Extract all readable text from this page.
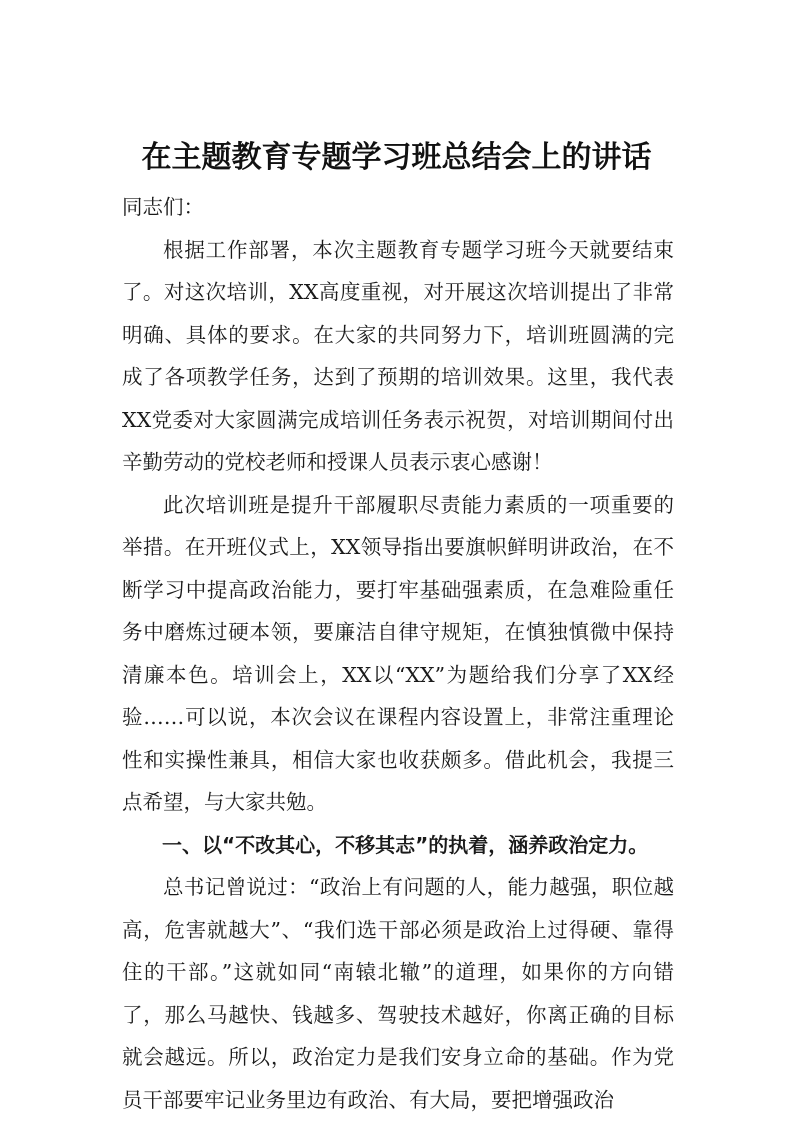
在主题教育专题学习班总结会上的讲话

同志们：

根据工作部署，本次主题教育专题学习班今天就要结束了。对这次培训，XX高度重视，对开展这次培训提出了非常明确、具体的要求。在大家的共同努力下，培训班圆满的完成了各项教学任务，达到了预期的培训效果。这里，我代表XX党委对大家圆满完成培训任务表示祝贺，对培训期间付出辛勤劳动的党校老师和授课人员表示衷心感谢！

此次培训班是提升干部履职尽责能力素质的一项重要的举措。在开班仪式上，XX领导指出要旗帜鲜明讲政治，在不断学习中提高政治能力，要打牢基础强素质，在急难险重任务中磨炼过硬本领，要廉洁自律守规矩，在慎独慎微中保持清廉本色。培训会上，XX以“XX”为题给我们分享了XX经验……可以说，本次会议在课程内容设置上，非常注重理论性和实操性兼具，相信大家也收获颇多。借此机会，我提三点希望，与大家共勉。

一、以“不改其心，不移其志”的执着，涵养政治定力。

总书记曾说过：“政治上有问题的人，能力越强，职位越高，危害就越大”、“我们选干部必须是政治上过得硬、靠得住的干部。”这就如同“南辕北辙”的道理，如果你的方向错了，那么马越快、钱越多、驾驶技术越好，你离正确的目标就会越远。所以，政治定力是我们安身立命的基础。作为党员干部要牢记业务里边有政治、有大局，要把增强政治
